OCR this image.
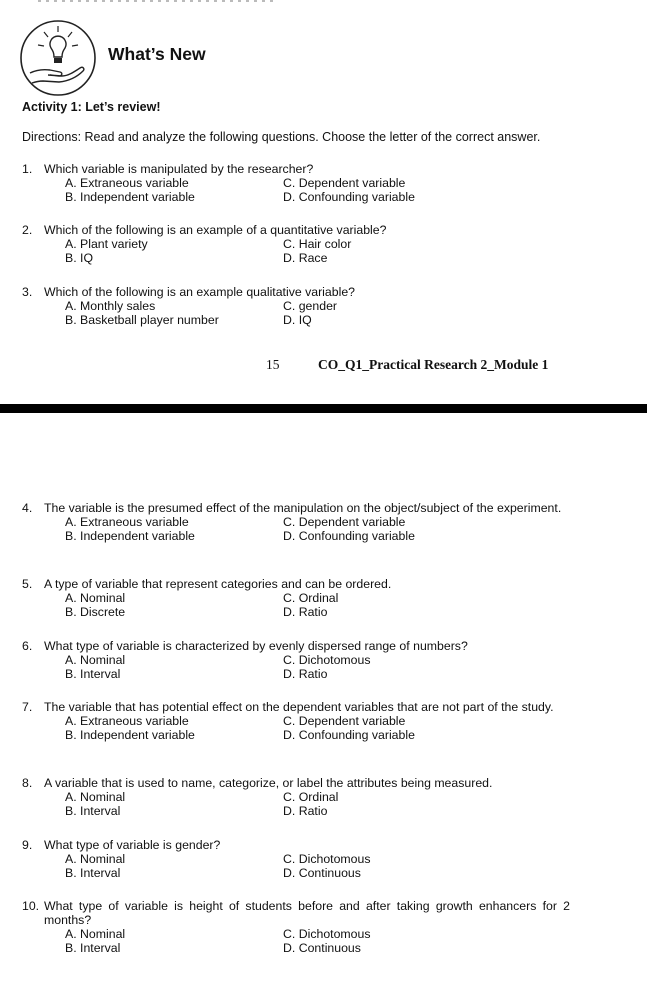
What’s New
Activity 1: Let’s review!
Directions: Read and analyze the following questions. Choose the letter of the correct answer.
1. Which variable is manipulated by the researcher?
A. Extraneous variable	C. Dependent variable
B. Independent variable	D. Confounding variable
2. Which of the following is an example of a quantitative variable?
A. Plant variety	C. Hair color
B. IQ	D. Race
3. Which of the following is an example qualitative variable?
A. Monthly sales	C. gender
B. Basketball player number	D. IQ
15	CO_Q1_Practical Research 2_Module 1
4. The variable is the presumed effect of the manipulation on the object/subject of the experiment.
A. Extraneous variable	C. Dependent variable
B. Independent variable	D. Confounding variable
5. A type of variable that represent categories and can be ordered.
A. Nominal	C. Ordinal
B. Discrete	D. Ratio
6. What type of variable is characterized by evenly dispersed range of numbers?
A. Nominal	C. Dichotomous
B. Interval	D. Ratio
7. The variable that has potential effect on the dependent variables that are not part of the study.
A. Extraneous variable	C. Dependent variable
B. Independent variable	D. Confounding variable
8. A variable that is used to name, categorize, or label the attributes being measured.
A. Nominal	C. Ordinal
B. Interval	D. Ratio
9. What type of variable is gender?
A. Nominal	C. Dichotomous
B. Interval	D. Continuous
10. What type of variable is height of students before and after taking growth enhancers for 2 months?
A. Nominal	C. Dichotomous
B. Interval	D. Continuous
